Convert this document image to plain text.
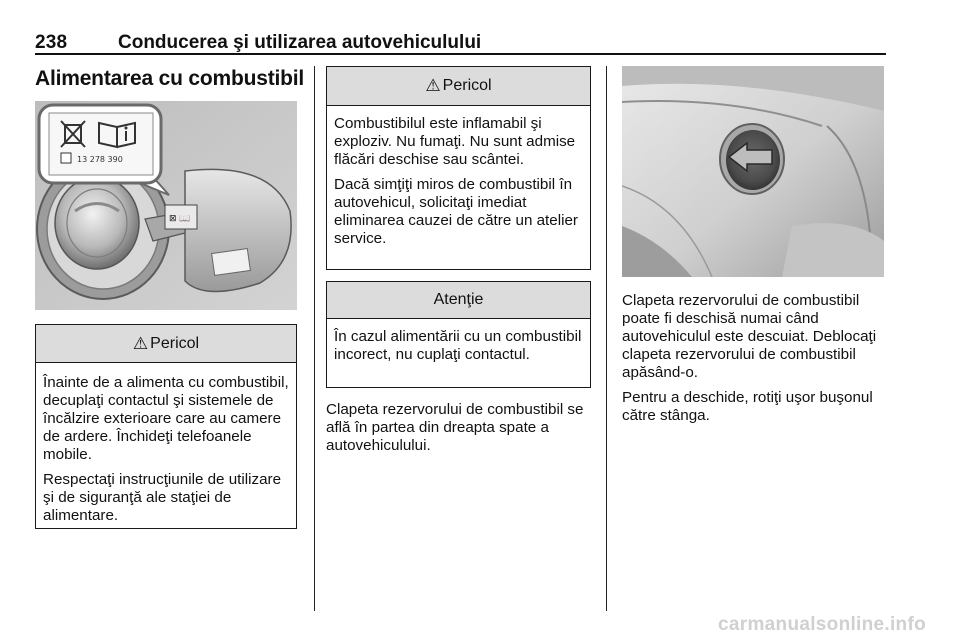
238	Conducerea şi utilizarea autovehiculului
Alimentarea cu combustibil
⊠ 📖
13 278 390
⚠ Pericol

Înainte de a alimenta cu combustibil, decuplaţi contactul şi sistemele de încălzire exterioare care au camere de ardere. Închideţi telefoanele mobile.

Respectaţi instrucţiunile de utilizare şi de siguranţă ale staţiei de alimentare.

⚠ Pericol

Combustibilul este inflamabil şi exploziv. Nu fumaţi. Nu sunt admise flăcări deschise sau scântei.

Dacă simţiţi miros de combustibil în autovehicul, solicitaţi imediat eliminarea cauzei de către un atelier service.

Atenţie

În cazul alimentării cu un combustibil incorect, nu cuplaţi contactul.

Clapeta rezervorului de combustibil se află în partea din dreapta spate a autovehiculului.

Clapeta rezervorului de combustibil poate fi deschisă numai când autovehiculul este descuiat. Deblocaţi clapeta rezervorului de combustibil apăsând-o.

Pentru a deschide, rotiţi uşor buşonul către stânga.

carmanualsonline.info
